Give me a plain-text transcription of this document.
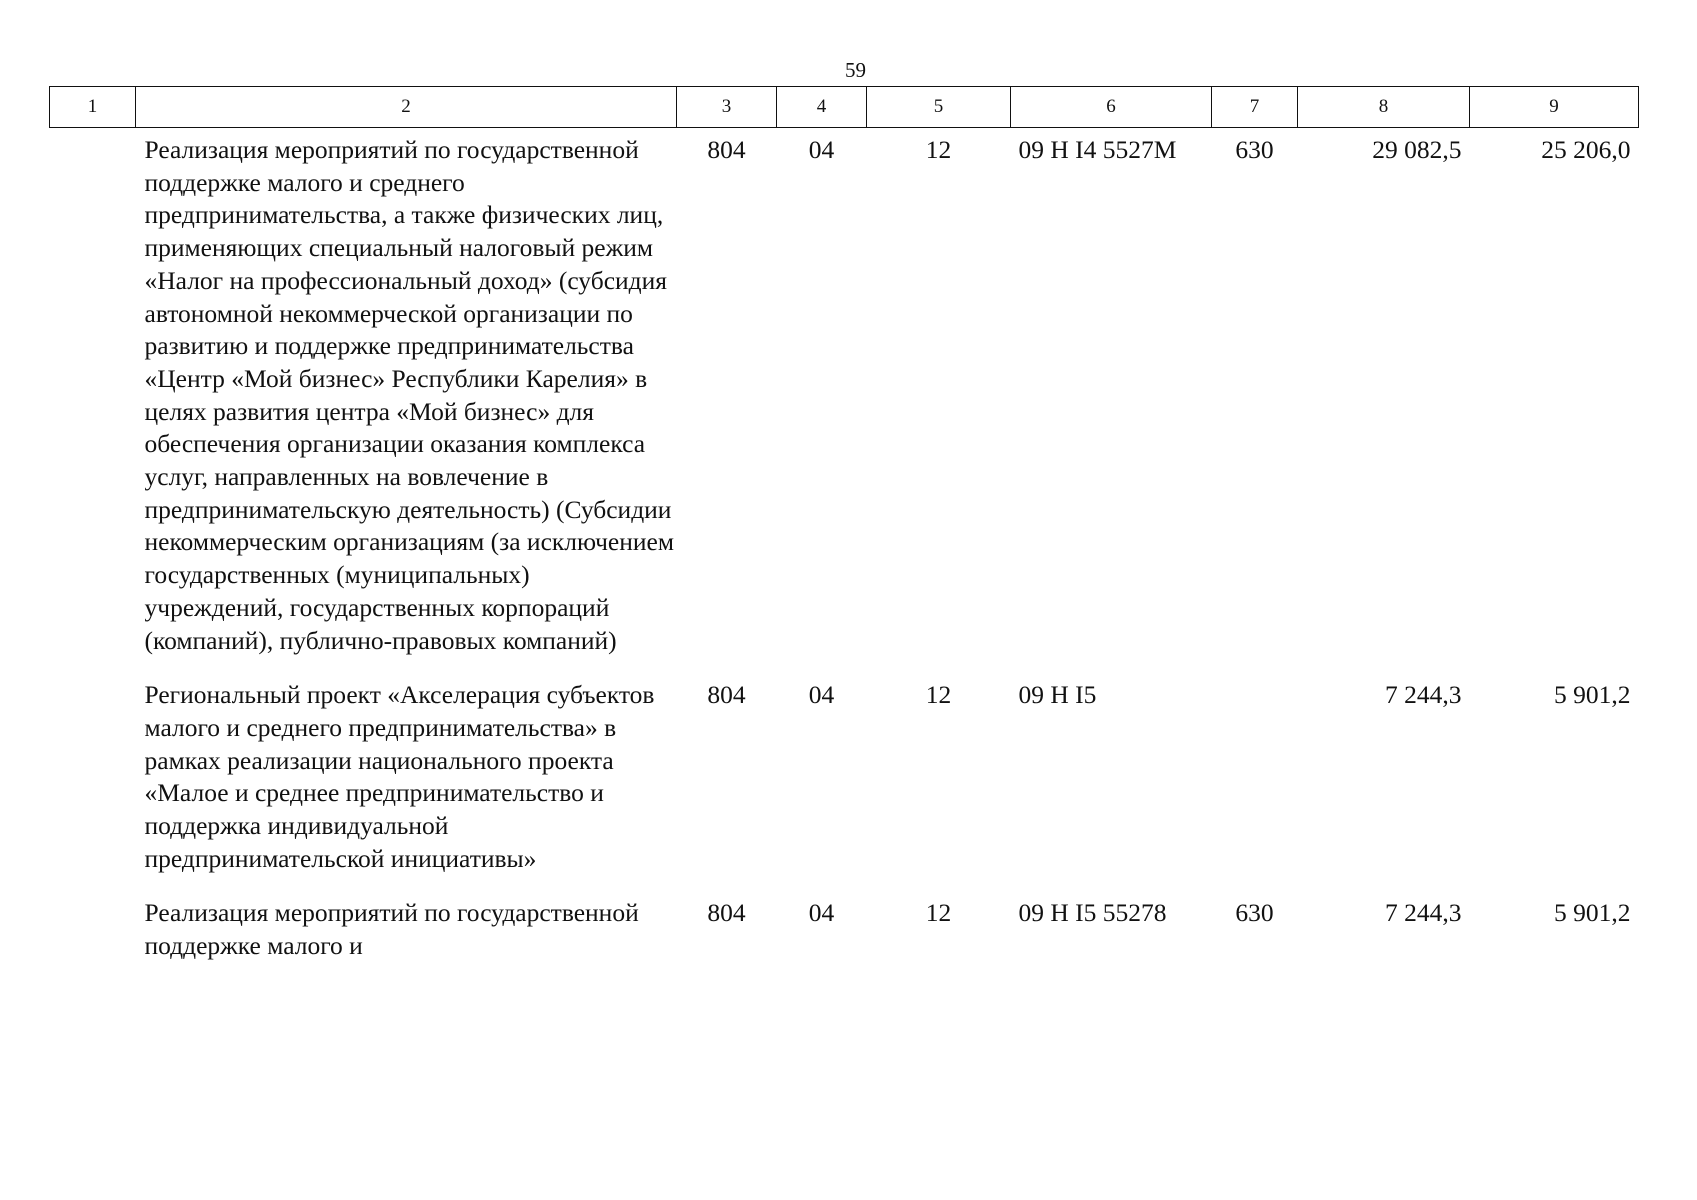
59
1	2	3	4	5	6	7	8	9
	Реализация мероприятий по государственной поддержке малого и среднего предпринимательства, а также физических лиц, применяющих специальный налоговый режим «Налог на профессиональный доход» (субсидия автономной некоммерческой организации по развитию и поддержке предпринимательства «Центр «Мой бизнес» Республики Карелия» в целях развития центра «Мой бизнес» для обеспечения организации оказания комплекса услуг, направленных на вовлечение в предпринимательскую деятельность) (Субсидии некоммерческим организациям (за исключением государственных (муниципальных) учреждений, государственных корпораций (компаний), публично-правовых компаний)	804	04	12	09 Н I4 5527М	630	29 082,5	25 206,0
	Региональный проект «Акселерация субъектов малого и среднего предпринимательства» в рамках реализации национального проекта «Малое и среднее предпринимательство и поддержка индивидуальной предпринимательской инициативы»	804	04	12	09 Н I5		7 244,3	5 901,2
	Реализация мероприятий по государственной поддержке малого и	804	04	12	09 Н I5 55278	630	7 244,3	5 901,2
